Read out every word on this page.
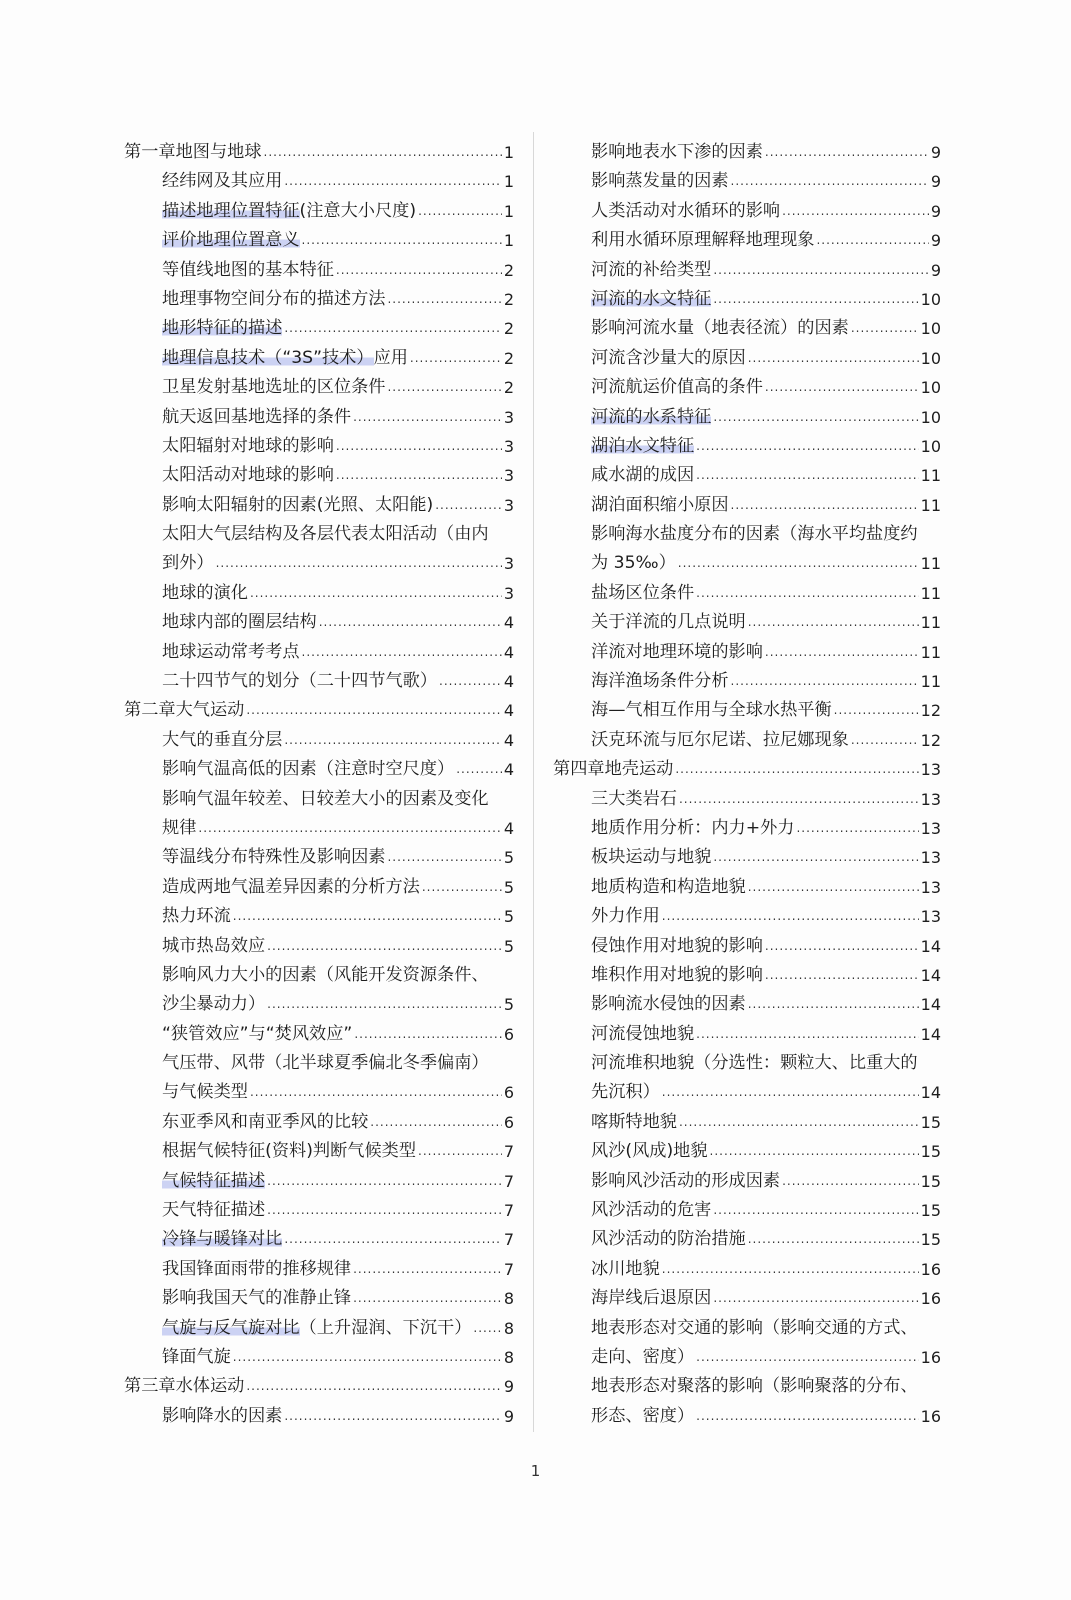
第一章地图与地球 .....	1
经纬网及其应用 .....	1
描述地理位置特征(注意大小尺度) .....	1
评价地理位置意义 .....	1
等值线地图的基本特征 .....	2
地理事物空间分布的描述方法 .....	2
地形特征的描述 .....	2
地理信息技术（“3S”技术）应用 .....	2
卫星发射基地选址的区位条件 .....	2
航天返回基地选择的条件 .....	3
太阳辐射对地球的影响 .....	3
太阳活动对地球的影响 .....	3
影响太阳辐射的因素(光照、太阳能) .....	3
太阳大气层结构及各层代表太阳活动（由内
到外） .....	3
地球的演化 .....	3
地球内部的圈层结构 .....	4
地球运动常考考点 .....	4
二十四节气的划分（二十四节气歌） .....	4
第二章大气运动 .....	4
大气的垂直分层 .....	4
影响气温高低的因素（注意时空尺度） .....	4
影响气温年较差、日较差大小的因素及变化
规律 .....	4
等温线分布特殊性及影响因素 .....	5
造成两地气温差异因素的分析方法 .....	5
热力环流 .....	5
城市热岛效应 .....	5
影响风力大小的因素（风能开发资源条件、
沙尘暴动力） .....	5
“狭管效应”与“焚风效应” .....	6
气压带、风带（北半球夏季偏北冬季偏南）
与气候类型 .....	6
东亚季风和南亚季风的比较 .....	6
根据气候特征(资料)判断气候类型 .....	7
气候特征描述 .....	7
天气特征描述 .....	7
冷锋与暖锋对比 .....	7
我国锋面雨带的推移规律 .....	7
影响我国天气的准静止锋 .....	8
气旋与反气旋对比（上升湿润、下沉干） ..... 8
锋面气旋 .....	8
第三章水体运动 .....	9
影响降水的因素 .....	9
影响地表水下渗的因素 .....	9
影响蒸发量的因素 .....	9
人类活动对水循环的影响 .....	9
利用水循环原理解释地理现象 .....	9
河流的补给类型 .....	9
河流的水文特征 .....	10
影响河流水量（地表径流）的因素 .....	10
河流含沙量大的原因 .....	10
河流航运价值高的条件 .....	10
河流的水系特征 .....	10
湖泊水文特征 .....	10
咸水湖的成因 .....	11
湖泊面积缩小原因 .....	11
影响海水盐度分布的因素（海水平均盐度约
为 35‰） .....	11
盐场区位条件 .....	11
关于洋流的几点说明 .....	11
洋流对地理环境的影响 .....	11
海洋渔场条件分析 .....	11
海—气相互作用与全球水热平衡 .....	12
沃克环流与厄尔尼诺、拉尼娜现象 .....	12
第四章地壳运动 .....	13
三大类岩石 .....	13
地质作用分析：内力+外力 .....	13
板块运动与地貌 .....	13
地质构造和构造地貌 .....	13
外力作用 .....	13
侵蚀作用对地貌的影响 .....	14
堆积作用对地貌的影响 .....	14
影响流水侵蚀的因素 .....	14
河流侵蚀地貌 .....	14
河流堆积地貌（分选性：颗粒大、比重大的
先沉积） .....	14
喀斯特地貌 .....	15
风沙(风成)地貌 .....	15
影响风沙活动的形成因素 .....	15
风沙活动的危害 .....	15
风沙活动的防治措施 .....	15
冰川地貌 .....	16
海岸线后退原因 .....	16
地表形态对交通的影响（影响交通的方式、
走向、密度） .....	16
地表形态对聚落的影响（影响聚落的分布、
形态、密度） .....	16
1
